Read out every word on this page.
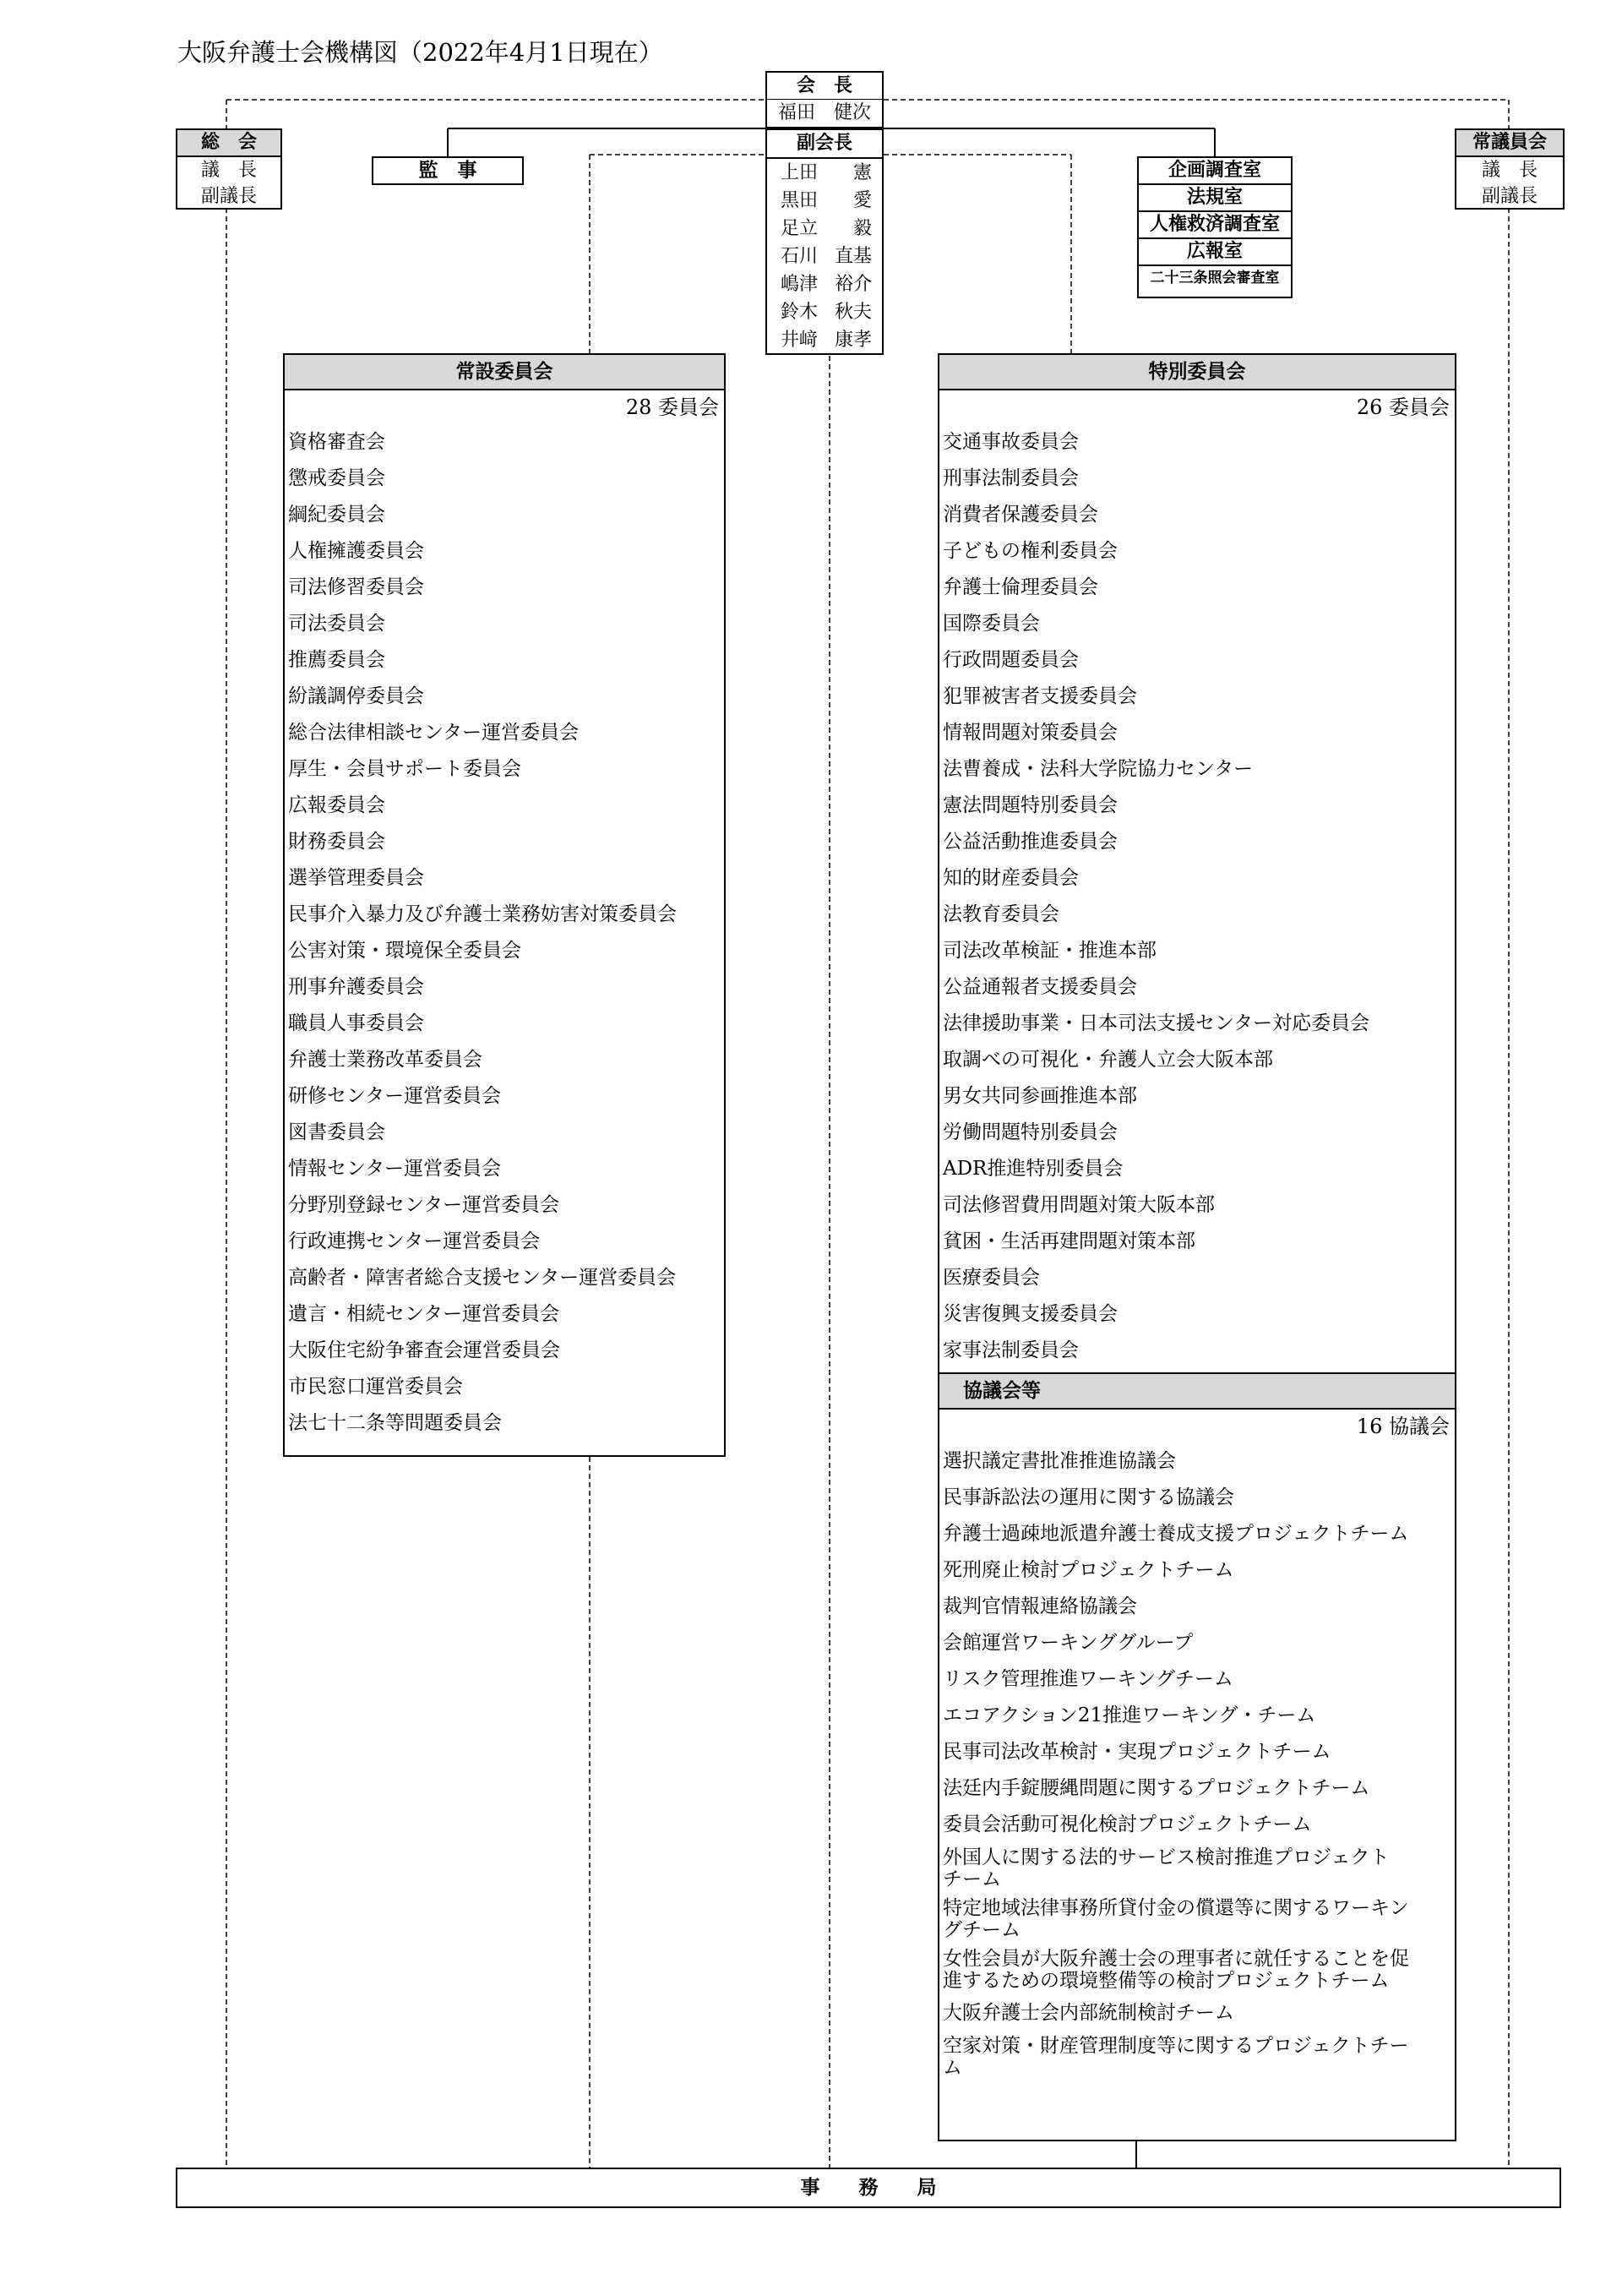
大阪弁護士会機構図（2022年4月1日現在）
会　長
福田　健次
副会長
上田 憲
黒田 愛
足立 毅
石川 直基
嶋津 裕介
鈴木 秋夫
井﨑 康孝
総　会
議　長
副議長
常議員会
議　長
副議長
監　事	企画調査室
法規室
人権救済調査室
広報室
二十三条照会審査室
常設委員会
28 委員会
資格審査会
懲戒委員会
綱紀委員会
人権擁護委員会
司法修習委員会
司法委員会
推薦委員会
紛議調停委員会
総合法律相談センター運営委員会
厚生・会員サポート委員会
広報委員会
財務委員会
選挙管理委員会
民事介入暴力及び弁護士業務妨害対策委員会
公害対策・環境保全委員会
刑事弁護委員会
職員人事委員会
弁護士業務改革委員会
研修センター運営委員会
図書委員会
情報センター運営委員会
分野別登録センター運営委員会
行政連携センター運営委員会
高齢者・障害者総合支援センター運営委員会
遺言・相続センター運営委員会
大阪住宅紛争審査会運営委員会
市民窓口運営委員会
法七十二条等問題委員会
特別委員会
26 委員会
交通事故委員会
刑事法制委員会
消費者保護委員会
子どもの権利委員会
弁護士倫理委員会
国際委員会
行政問題委員会
犯罪被害者支援委員会
情報問題対策委員会
法曹養成・法科大学院協力センター
憲法問題特別委員会
公益活動推進委員会
知的財産委員会
法教育委員会
司法改革検証・推進本部
公益通報者支援委員会
法律援助事業・日本司法支援センター対応委員会
取調べの可視化・弁護人立会大阪本部
男女共同参画推進本部
労働問題特別委員会
ADR推進特別委員会
司法修習費用問題対策大阪本部
貧困・生活再建問題対策本部
医療委員会
災害復興支援委員会
家事法制委員会
協議会等
16 協議会
選択議定書批准推進協議会
民事訴訟法の運用に関する協議会
弁護士過疎地派遣弁護士養成支援プロジェクトチーム
死刑廃止検討プロジェクトチーム
裁判官情報連絡協議会
会館運営ワーキンググループ
リスク管理推進ワーキングチーム
エコアクション21推進ワーキング・チーム
民事司法改革検討・実現プロジェクトチーム
法廷内手錠腰縄問題に関するプロジェクトチーム
委員会活動可視化検討プロジェクトチーム
外国人に関する法的サービス検討推進プロジェクト
チーム
特定地域法律事務所貸付金の償還等に関するワーキン
グチーム
女性会員が大阪弁護士会の理事者に就任することを促
進するための環境整備等の検討プロジェクトチーム
大阪弁護士会内部統制検討チーム
空家対策・財産管理制度等に関するプロジェクトチー
ム
事　　務　　局
